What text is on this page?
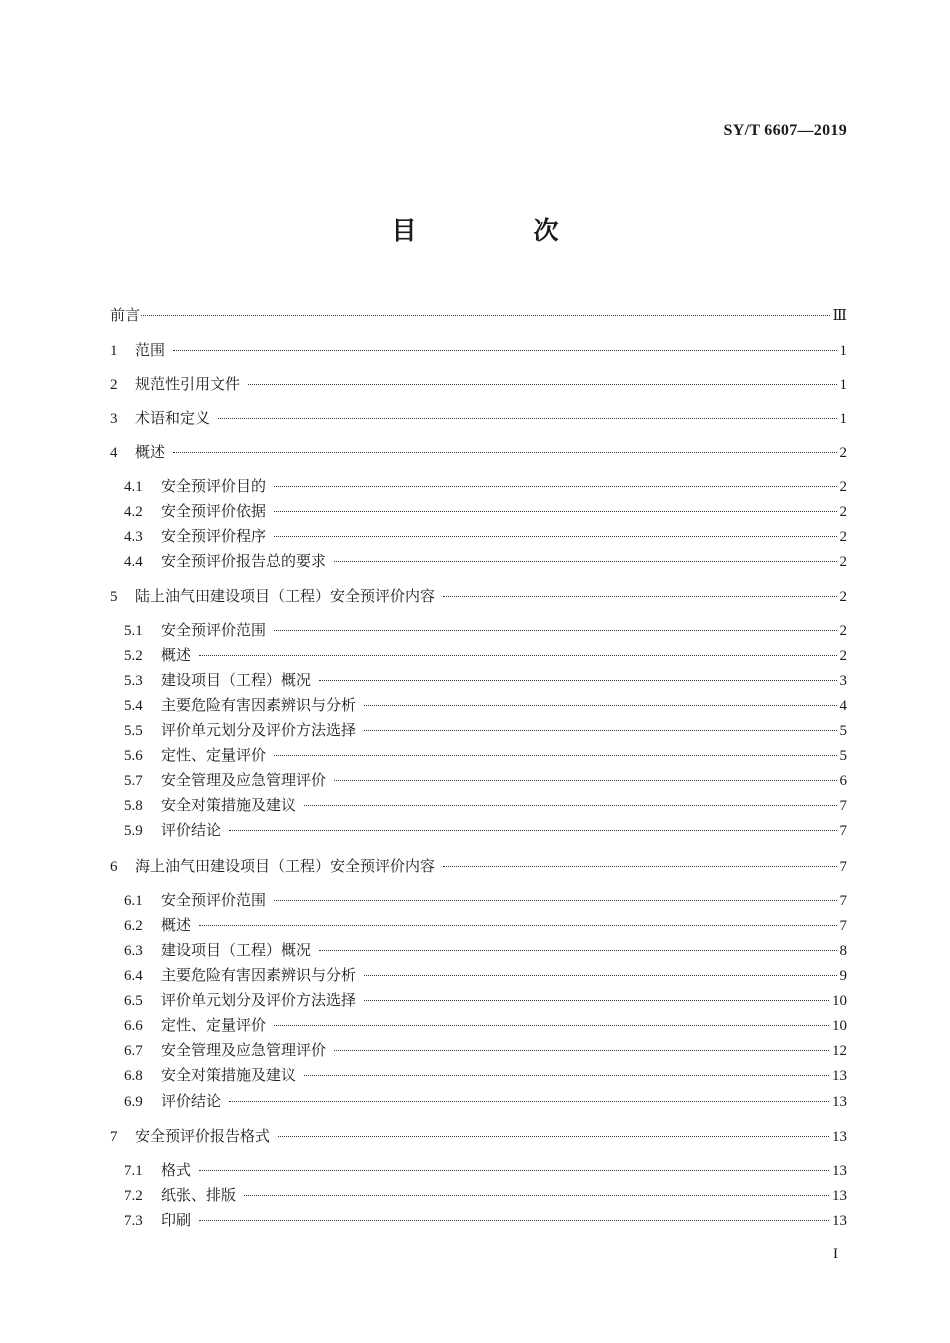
SY/T 6607—2019
目　次
前言	Ⅲ
1	范围	1
2	规范性引用文件	1
3	术语和定义	1
4	概述	2
4.1	安全预评价目的	2
4.2	安全预评价依据	2
4.3	安全预评价程序	2
4.4	安全预评价报告总的要求	2
5	陆上油气田建设项目（工程）安全预评价内容	2
5.1	安全预评价范围	2
5.2	概述	2
5.3	建设项目（工程）概况	3
5.4	主要危险有害因素辨识与分析	4
5.5	评价单元划分及评价方法选择	5
5.6	定性、定量评价	5
5.7	安全管理及应急管理评价	6
5.8	安全对策措施及建议	7
5.9	评价结论	7
6	海上油气田建设项目（工程）安全预评价内容	7
6.1	安全预评价范围	7
6.2	概述	7
6.3	建设项目（工程）概况	8
6.4	主要危险有害因素辨识与分析	9
6.5	评价单元划分及评价方法选择	10
6.6	定性、定量评价	10
6.7	安全管理及应急管理评价	12
6.8	安全对策措施及建议	13
6.9	评价结论	13
7	安全预评价报告格式	13
7.1	格式	13
7.2	纸张、排版	13
7.3	印刷	13
I
